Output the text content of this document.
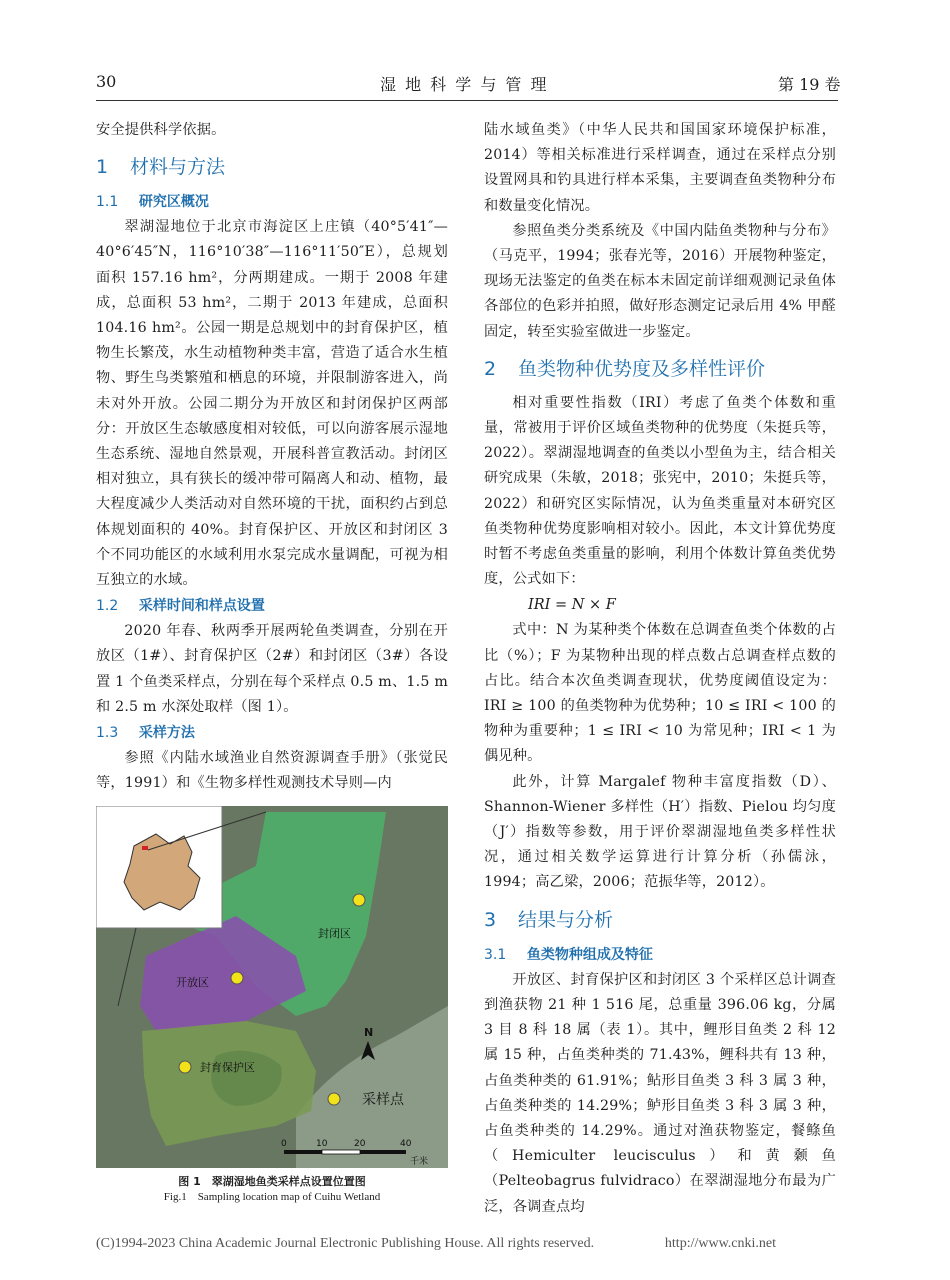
30	湿 地 科 学 与 管 理	第 19 卷

安全提供科学依据。

1 材料与方法
1.1 研究区概况

翠湖湿地位于北京市海淀区上庄镇（40°5′41″—40°6′45″N，116°10′38″—116°11′50″E），总规划面积 157.16 hm²，分两期建成。一期于 2008 年建成，总面积 53 hm²，二期于 2013 年建成，总面积 104.16 hm²。公园一期是总规划中的封育保护区，植物生长繁茂，水生动植物种类丰富，营造了适合水生植物、野生鸟类繁殖和栖息的环境，并限制游客进入，尚未对外开放。公园二期分为开放区和封闭保护区两部分：开放区生态敏感度相对较低，可以向游客展示湿地生态系统、湿地自然景观，开展科普宣教活动。封闭区相对独立，具有狭长的缓冲带可隔离人和动、植物，最大程度减少人类活动对自然环境的干扰，面积约占到总体规划面积的 40%。封育保护区、开放区和封闭区 3 个不同功能区的水域利用水泵完成水量调配，可视为相互独立的水域。

1.2 采样时间和样点设置

2020 年春、秋两季开展两轮鱼类调查，分别在开放区（1#）、封育保护区（2#）和封闭区（3#）各设置 1 个鱼类采样点，分别在每个采样点 0.5 m、1.5 m 和 2.5 m 水深处取样（图 1）。

1.3 采样方法

参照《内陆水域渔业自然资源调查手册》（张觉民等，1991）和《生物多样性观测技术导则—内

封闭区
开放区
封育保护区
采样点
N
0	10	20	40
千米

图 1　翠湖湿地鱼类采样点设置位置图

Fig.1　Sampling location map of Cuihu Wetland

陆水域鱼类》（中华人民共和国国家环境保护标准，2014）等相关标准进行采样调查，通过在采样点分别设置网具和钓具进行样本采集，主要调查鱼类物种分布和数量变化情况。

参照鱼类分类系统及《中国内陆鱼类物种与分布》（马克平，1994；张春光等，2016）开展物种鉴定，现场无法鉴定的鱼类在标本未固定前详细观测记录鱼体各部位的色彩并拍照，做好形态测定记录后用 4% 甲醛固定，转至实验室做进一步鉴定。

2 鱼类物种优势度及多样性评价

相对重要性指数（IRI）考虑了鱼类个体数和重量，常被用于评价区域鱼类物种的优势度（朱挺兵等，2022）。翠湖湿地调查的鱼类以小型鱼为主，结合相关研究成果（朱敏，2018；张宪中，2010；朱挺兵等，2022）和研究区实际情况，认为鱼类重量对本研究区鱼类物种优势度影响相对较小。因此，本文计算优势度时暂不考虑鱼类重量的影响，利用个体数计算鱼类优势度，公式如下：

IRI = N × F

式中：N 为某种类个体数在总调查鱼类个体数的占比（%）；F 为某物种出现的样点数占总调查样点数的占比。结合本次鱼类调查现状，优势度阈值设定为：IRI ≥ 100 的鱼类物种为优势种；10 ≤ IRI < 100 的物种为重要种；1 ≤ IRI < 10 为常见种；IRI < 1 为偶见种。

此外，计算 Margalef 物种丰富度指数（D）、Shannon-Wiener 多样性（H′）指数、Pielou 均匀度（J′）指数等参数，用于评价翠湖湿地鱼类多样性状况，通过相关数学运算进行计算分析（孙儒泳，1994；高乙梁，2006；范振华等，2012）。

3 结果与分析
3.1 鱼类物种组成及特征

开放区、封育保护区和封闭区 3 个采样区总计调查到渔获物 21 种 1 516 尾，总重量 396.06 kg，分属 3 目 8 科 18 属（表 1）。其中，鲤形目鱼类 2 科 12 属 15 种，占鱼类种类的 71.43%，鲤科共有 13 种，占鱼类种类的 61.91%；鲇形目鱼类 3 科 3 属 3 种，占鱼类种类的 14.29%；鲈形目鱼类 3 科 3 属 3 种，占鱼类种类的 14.29%。通过对渔获物鉴定，餐鲦鱼（Hemiculter leucisculus）和黄颡鱼（Pelteobagrus fulvidraco）在翠湖湿地分布最为广泛，各调查点均

(C)1994-2023 China Academic Journal Electronic Publishing House. All rights reserved.	http://www.cnki.net
